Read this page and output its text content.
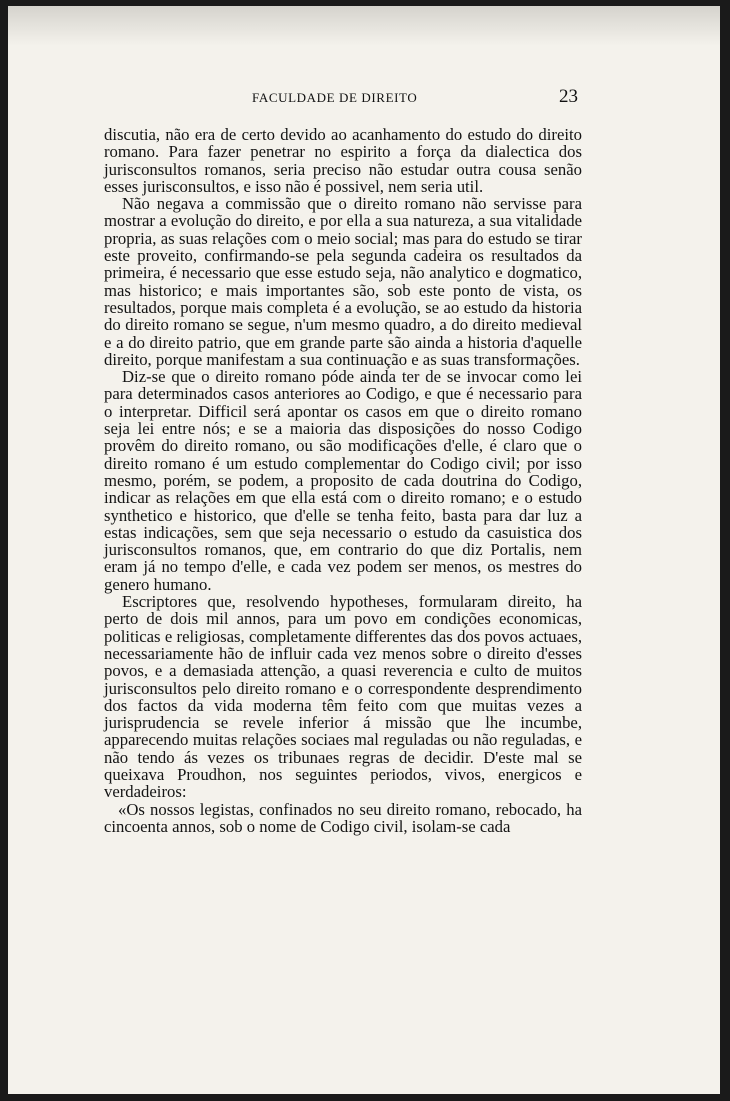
FACULDADE DE DIREITO	23

discutia, não era de certo devido ao acanhamento do estudo do direito romano. Para fazer penetrar no espirito a força da dialectica dos jurisconsultos romanos, seria preciso não estudar outra cousa senão esses jurisconsultos, e isso não é possivel, nem seria util.

Não negava a commissão que o direito romano não servisse para mostrar a evolução do direito, e por ella a sua natureza, a sua vitalidade propria, as suas relações com o meio social; mas para do estudo se tirar este proveito, confirmando-se pela segunda cadeira os resultados da primeira, é necessario que esse estudo seja, não analytico e dogmatico, mas historico; e mais importantes são, sob este ponto de vista, os resultados, porque mais completa é a evolução, se ao estudo da historia do direito romano se segue, n'um mesmo quadro, a do direito medieval e a do direito patrio, que em grande parte são ainda a historia d'aquelle direito, porque manifestam a sua continuação e as suas transformações.

Diz-se que o direito romano póde ainda ter de se invocar como lei para determinados casos anteriores ao Codigo, e que é necessario para o interpretar. Difficil será apontar os casos em que o direito romano seja lei entre nós; e se a maioria das disposições do nosso Codigo provêm do direito romano, ou são modificações d'elle, é claro que o direito romano é um estudo complementar do Codigo civil; por isso mesmo, porém, se podem, a proposito de cada doutrina do Codigo, indicar as relações em que ella está com o direito romano; e o estudo synthetico e historico, que d'elle se tenha feito, basta para dar luz a estas indicações, sem que seja necessario o estudo da casuistica dos jurisconsultos romanos, que, em contrario do que diz Portalis, nem eram já no tempo d'elle, e cada vez podem ser menos, os mestres do genero humano.

Escriptores que, resolvendo hypotheses, formularam direito, ha perto de dois mil annos, para um povo em condições economicas, politicas e religiosas, completamente differentes das dos povos actuaes, necessariamente hão de influir cada vez menos sobre o direito d'esses povos, e a demasiada attenção, a quasi reverencia e culto de muitos jurisconsultos pelo direito romano e o correspondente desprendimento dos factos da vida moderna têm feito com que muitas vezes a jurisprudencia se revele inferior á missão que lhe incumbe, apparecendo muitas relações sociaes mal reguladas ou não reguladas, e não tendo ás vezes os tribunaes regras de decidir. D'este mal se queixava Proudhon, nos seguintes periodos, vivos, energicos e verdadeiros:

«Os nossos legistas, confinados no seu direito romano, rebocado, ha cincoenta annos, sob o nome de Codigo civil, isolam-se cada
